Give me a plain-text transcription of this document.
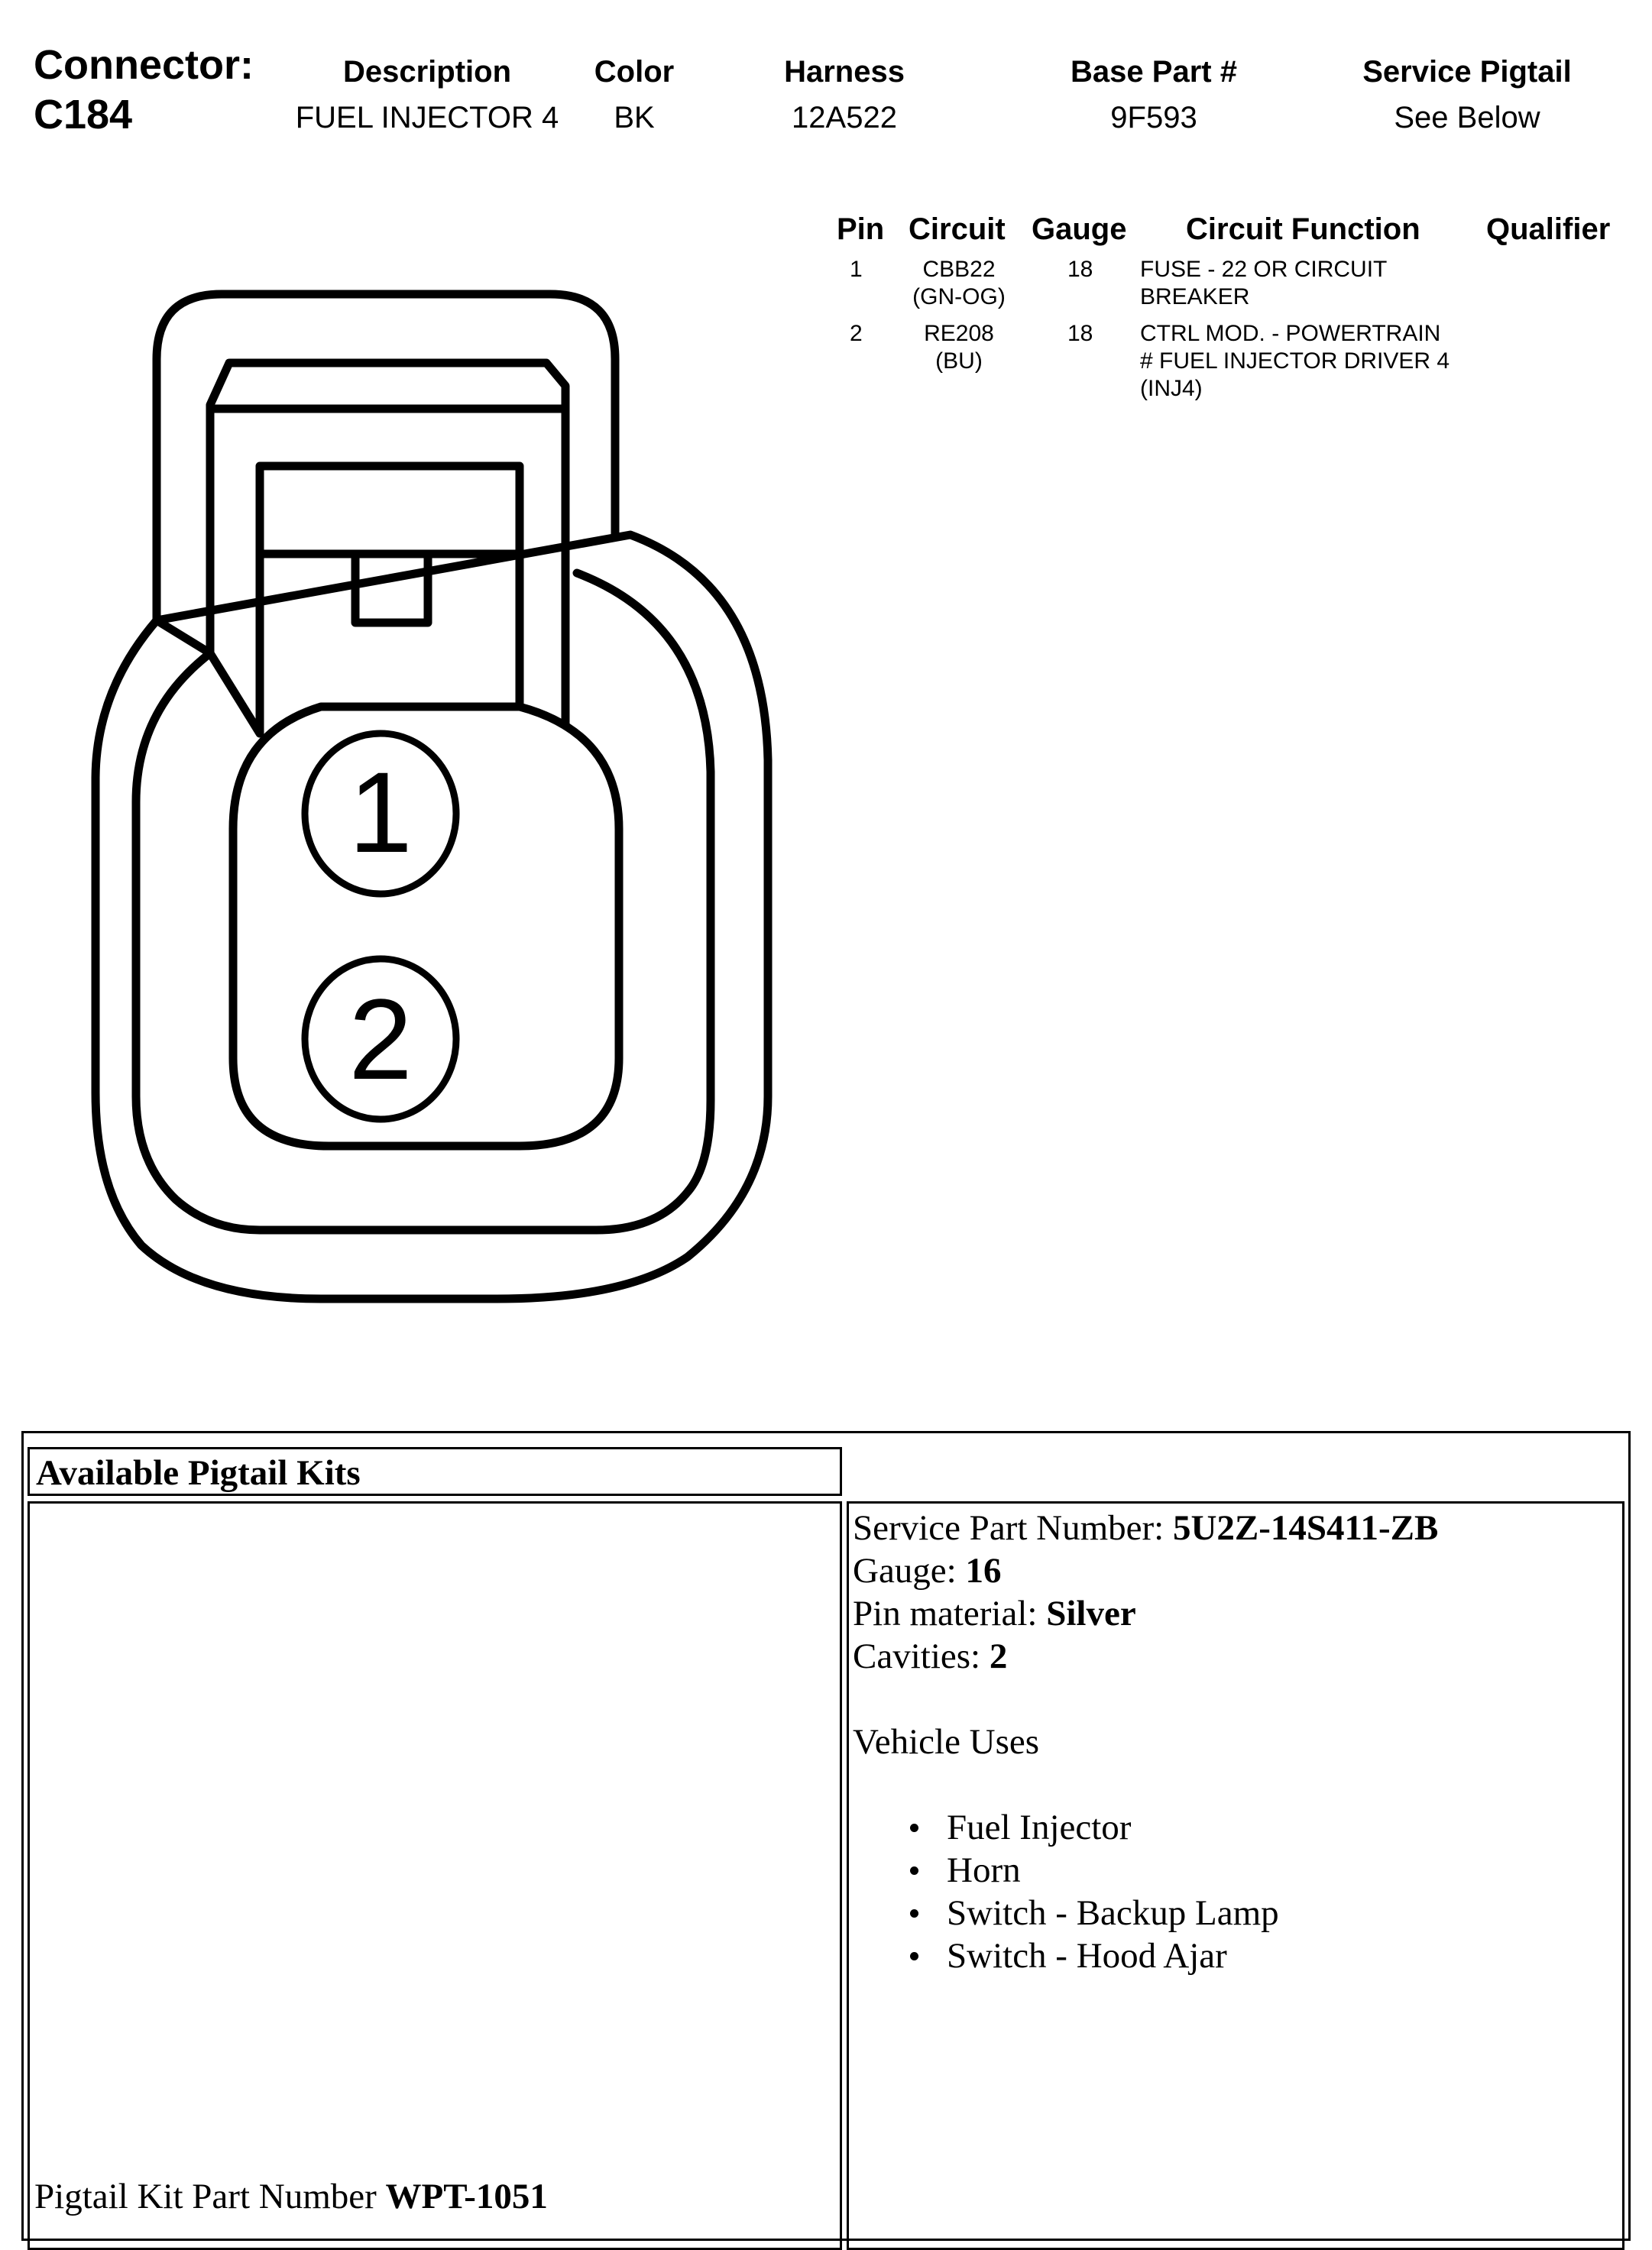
Connector:
C184
Description
FUEL INJECTOR 4
Color
BK
Harness
12A522
Base Part #
9F593
Service Pigtail
See Below
Pin Circuit Gauge Circuit Function Qualifier
1	CBB22
(GN-OG)
18 FUSE - 22 OR CIRCUIT
BREAKER
2	RE208
(BU)
18 CTRL MOD. - POWERTRAIN
# FUEL INJECTOR DRIVER 4
(INJ4)
1
2
Available Pigtail Kits
Pigtail Kit Part Number WPT-1051
Service Part Number: 5U2Z-14S411-ZB
Gauge: 16
Pin material: Silver
Cavities: 2
Vehicle Uses
Fuel Injector
Horn
Switch - Backup Lamp
Switch - Hood Ajar
